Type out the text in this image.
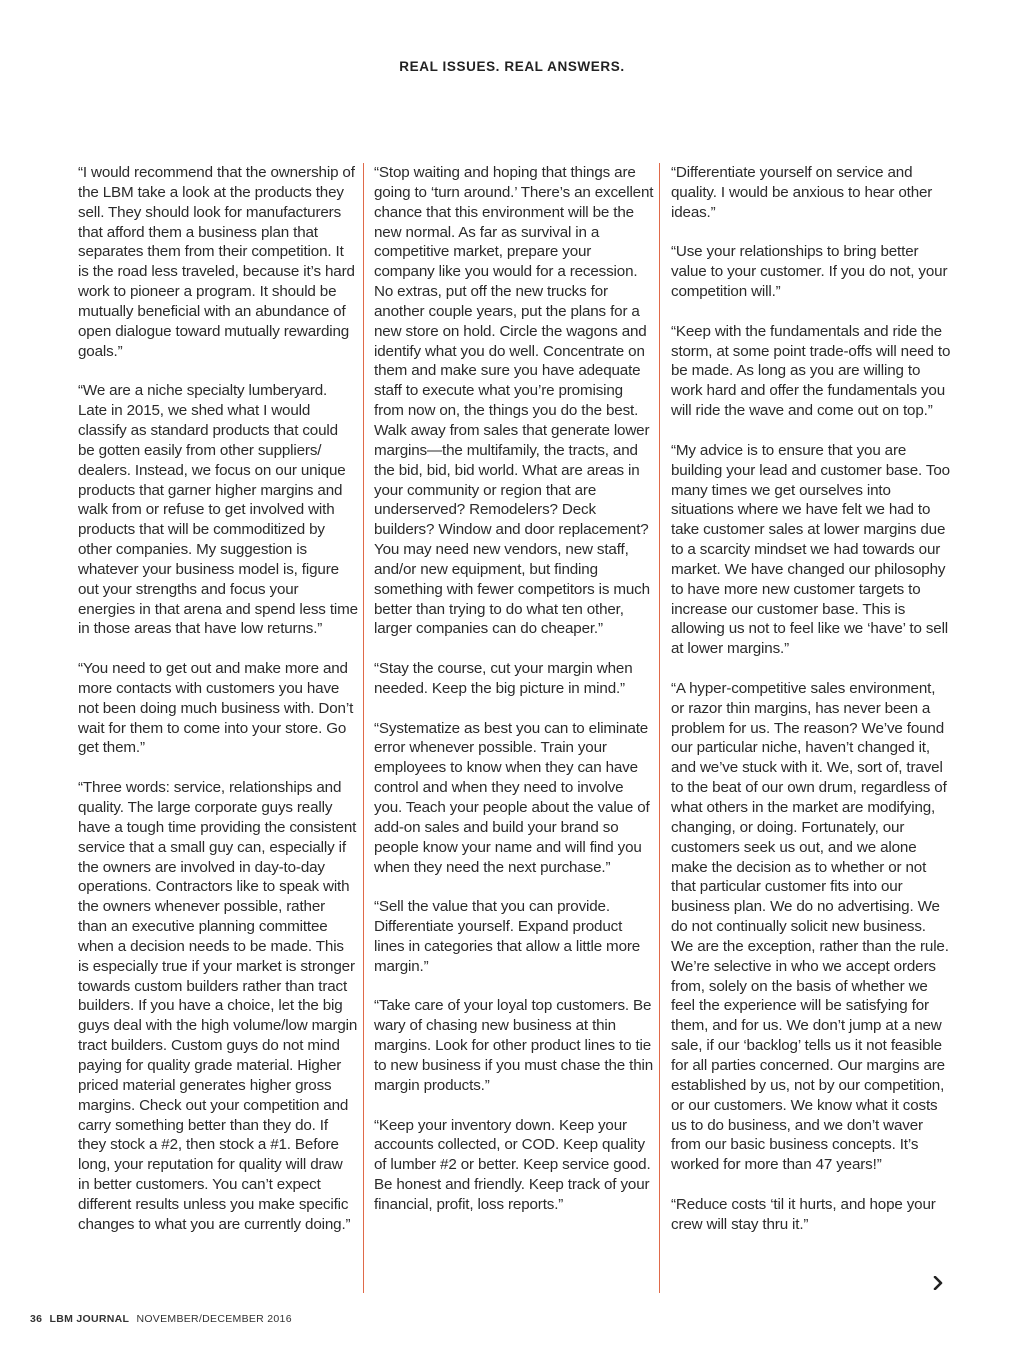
REAL ISSUES. REAL ANSWERS.

“I would recommend that the ownership of the LBM take a look at the products they sell. They should look for manufacturers that afford them a business plan that separates them from their competition. It is the road less traveled, because it’s hard work to pioneer a program. It should be mutually beneficial with an abundance of open dialogue toward mutually rewarding goals.”

“We are a niche specialty lumberyard. Late in 2015, we shed what I would classify as standard products that could be gotten easily from other suppliers/ dealers. Instead, we focus on our unique products that garner higher margins and walk from or refuse to get involved with products that will be commoditized by other companies. My suggestion is whatever your business model is, figure out your strengths and focus your energies in that arena and spend less time in those areas that have low returns.”

“You need to get out and make more and more contacts with customers you have not been doing much business with. Don’t wait for them to come into your store. Go get them.”

“Three words: service, relationships and quality. The large corporate guys really have a tough time providing the consistent service that a small guy can, especially if the owners are involved in day-to-day operations. Contractors like to speak with the owners whenever possible, rather than an executive planning committee when a decision needs to be made. This is especially true if your market is stronger towards custom builders rather than tract builders. If you have a choice, let the big guys deal with the high volume/low margin tract builders. Custom guys do not mind paying for quality grade material. Higher priced material generates higher gross margins. Check out your competition and carry something better than they do. If they stock a #2, then stock a #1. Before long, your reputation for quality will draw in better customers. You can’t expect different results unless you make specific changes to what you are currently doing.”

“Stop waiting and hoping that things are going to ‘turn around.’ There’s an excellent chance that this environment will be the new normal. As far as survival in a competitive market, prepare your company like you would for a recession. No extras, put off the new trucks for another couple years, put the plans for a new store on hold. Circle the wagons and identify what you do well. Concentrate on them and make sure you have adequate staff to execute what you’re promising from now on, the things you do the best. Walk away from sales that generate lower margins—the multifamily, the tracts, and the bid, bid, bid world. What are areas in your community or region that are underserved? Remodelers? Deck builders? Window and door replacement? You may need new vendors, new staff, and/or new equipment, but finding something with fewer competitors is much better than trying to do what ten other, larger companies can do cheaper.”

“Stay the course, cut your margin when needed. Keep the big picture in mind.”

“Systematize as best you can to eliminate error whenever possible. Train your employees to know when they can have control and when they need to involve you. Teach your people about the value of add-on sales and build your brand so people know your name and will find you when they need the next purchase.”

“Sell the value that you can provide. Differentiate yourself. Expand product lines in categories that allow a little more margin.”

“Take care of your loyal top customers. Be wary of chasing new business at thin margins. Look for other product lines to tie to new business if you must chase the thin margin products.”

“Keep your inventory down. Keep your accounts collected, or COD. Keep quality of lumber #2 or better. Keep service good. Be honest and friendly. Keep track of your financial, profit, loss reports.”

“Differentiate yourself on service and quality. I would be anxious to hear other ideas.”

“Use your relationships to bring better value to your customer. If you do not, your competition will.”

“Keep with the fundamentals and ride the storm, at some point trade-offs will need to be made. As long as you are willing to work hard and offer the fundamentals you will ride the wave and come out on top.”

“My advice is to ensure that you are building your lead and customer base. Too many times we get ourselves into situations where we have felt we had to take customer sales at lower margins due to a scarcity mindset we had towards our market. We have changed our philosophy to have more new customer targets to increase our customer base. This is allowing us not to feel like we ‘have’ to sell at lower margins.”

“A hyper-competitive sales environment, or razor thin margins, has never been a problem for us. The reason? We’ve found our particular niche, haven’t changed it, and we’ve stuck with it. We, sort of, travel to the beat of our own drum, regardless of what others in the market are modifying, changing, or doing. Fortunately, our customers seek us out, and we alone make the decision as to whether or not that particular customer fits into our business plan. We do no advertising. We do not continually solicit new business. We are the exception, rather than the rule. We’re selective in who we accept orders from, solely on the basis of whether we feel the experience will be satisfying for them, and for us. We don’t jump at a new sale, if our ‘backlog’ tells us it not feasible for all parties concerned. Our margins are established by us, not by our competition, or our customers. We know what it costs us to do business, and we don’t waver from our basic business concepts. It’s worked for more than 47 years!”

“Reduce costs ‘til it hurts, and hope your crew will stay thru it.”

36 LBM JOURNAL NOVEMBER/DECEMBER 2016
